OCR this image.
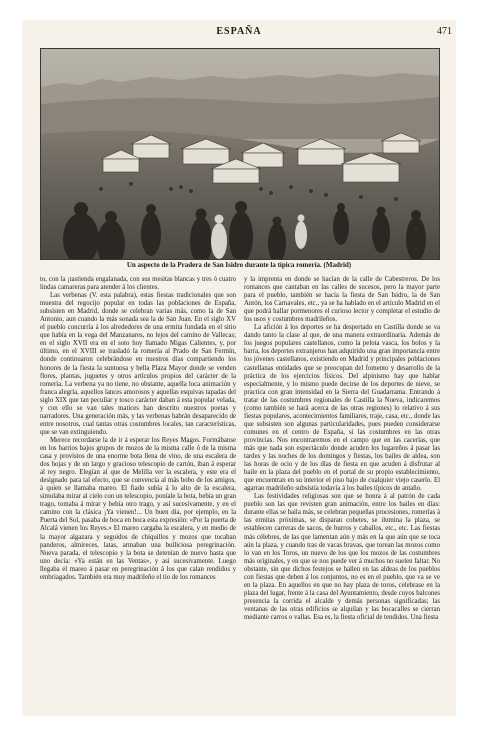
ESPAÑA	471
Un aspecto de la Pradera de San Isidro durante la típica romería. (Madrid)

to, con la ¡tastienda engalanada, con sus mesitas blancas y tres ó cuatro lindas camareras para atender á los clientes.

Las verbenas (V. esta palabra), estas fiestas tradicionales que son muestra del regocijo popular en todas las poblaciones de España, subsisten en Madrid, donde se celebran varias más, como la de San Antonio, aun cuando la más sonada sea la de San Juan. En el siglo XV el pueblo concurría á los alrededores de una ermita fundada en el sitio que había en la vega del Manzanares, no lejos del camino de Vallecas; en el siglo XVII era en el soto hoy llamado Migas Calientes, y, por último, en el XVIII se trasladó la romería al Prado de San Fermín, donde continuaron celebrándose en nuestros días compartiendo los honores de la fiesta la suntuosa y bella Plaza Mayor donde se venden flores, plantas, juguetes y otros artículos propios del carácter de la romería. La verbena ya no tiene, no obstante, aquella loca animación y franca alegría, aquellos lances amorosos y aquellas esquivas tapadas del siglo XIX que tan peculiar y tosco carácter daban á esta popular velada, y con ello se van tales matices han descrito nuestros poetas y narradores. Una generación más, y las verbenas habrán desaparecido de entre nosotros, cual tantas otras costumbres locales, tan características, que se van extinguiendo.

Merece recordarse la de ir á esperar los Reyes Magos. Formábanse en los barrios bajos grupos de mozos de la misma calle ó de la misma casa y provistos de una enorme bota llena de vino, de una escalera de dos hojas y de un largo y gracioso telescopio de cartón, iban á esperar al rey negro. Elegían al que de Melilla ver la escalera, y este era el designado para tal efecto, que se convencía al más bobo de los amigos, á quien se llamaba mareo. El fiado subía á lo alto de la escalera, simulaba mirar al cielo con un telescopio, poníale la bota, bebía un gran trago, tomaba á mirar y bebía otro trago, y así sucesivamente, y en el camino con la clásica ¡Ya vienen!... Un buen día, por ejemplo, en la Puerta del Sol, pasaba de boca en boca esta expresión: «Por la puerta de Alcalá vienen los Reyes.» El mareo cargaba la escalera, y en medio de la mayor algazara y seguidos de chiquillos y mozos que tocaban panderos, almireces, latas, armaban una bulliciosa peregrinación. Nueva parada, el telescopio y la bota se detenían de nuevo hasta que uno decía: «Ya están en las Ventas», y así sucesivamente. Luego llegaba el mareo á pasar en peregrinación á los que calan rendidos y embriagados. También era muy madrileño el tío de los romances

y la imprenta en donde se hacían de la calle de Cabestreros. De los romances que cantaban en las calles de sucesos, pero la mayor parte para el pueblo, también se hacía la fiesta de San Isidro, la de San Antón, los Carnavales, etc., ya se ha hablado en el artículo Madrid en el que podrá hallar pormenores el curioso lector y completar el estudio de los usos y costumbres madrileños.

La afición á los deportes se ha despertado en Castilla donde se va dando tanto la clase al que, de una manera extraordinaria. Además de los juegos populares castellanos, como la pelota vasca, los bolos y la barra, los deportes extranjeros han adquirido una gran importancia entre los jóvenes castellanos, existiendo en Madrid y principales poblaciones castellanas entidades que se preocupan del fomento y desarrollo de la práctica de los ejercicios físicos. Del alpinismo hay que hablar especialmente, y lo mismo puede decirse de los deportes de nieve, se practica con gran intensidad en la Sierra del Guadarrama. Entrando á tratar de las costumbres regionales de Castilla la Nueva, indicaremos (como también se hará acerca de las otras regiones) lo relativo á sus fiestas populares, acontecimientos familiares, traje, casa, etc., donde las que subsisten son algunas particularidades, pues pueden considerarse comunes en el centro de España, si las costumbres en las otras provincias. Nos encontraremos en el campo que en las cacerías, que más que nada son espectáculo donde acuden los lugareños á pasar las tardes y las noches de los domingos y fiestas, los bailes de aldea, son las horas de ocio y de los días de fiesta en que acuden á disfrutar al baile en la plaza del pueblo en el portal de su propio establecimiento, que encuentran en su interior el piso bajo de cualquier viejo caserío. El agarrao madrileño subsistía todavía á los bailes típicos de antaño.

Las festividades religiosas son que se honra á al patrón de cada pueblo son las que revisten gran animación, entre los bailes en días: durante ellas se baila más, se celebran pequeñas procesiones, romerías á las ermitas próximas, se disparan cohetes, se ilumina la plaza, se establecen carreras de sacos, de burros y caballos, etc., etc. Las fiestas más célebres, de las que lamentan aún y más en la que aún que se toca aún la plaza, y cuando tras de vacas bravas, que torean las mozos como lo van en los Toros, un nuevo de los que los mozos de las costumbres más originales, y en que se nos puede ver á muchos no suelen faltar. No obstante, sin que dichos festejos se hallen en las aldeas de los pueblos con fiestas que deben á los conjuntos, no es en el pueblo, que va se ve en la plaza. En aquellos en que no hay plaza de toros, celebrase en la plaza del lugar, frente á la casa del Ayuntamiento, desde cuyos balcones presencia la corrida el alcalde y demás personas significadas; las ventanas de las otras edificios se alquilan y las bocacalles se cierran mediante carros o vallas. Esa es, la fiesta oficial de tendidos. Una fiesta
